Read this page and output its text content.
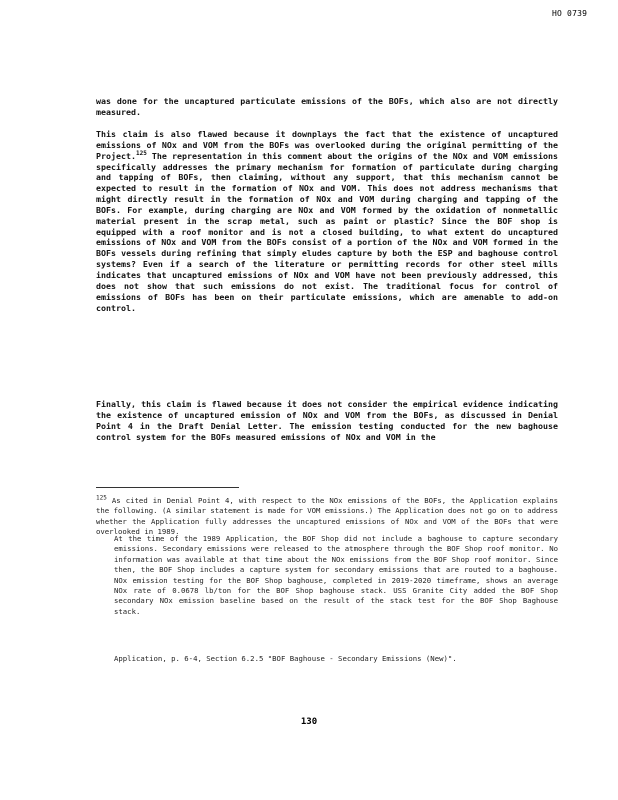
HO 0739
was done for the uncaptured particulate emissions of the BOFs, which also are not directly measured.
This claim is also flawed because it downplays the fact that the existence of uncaptured emissions of NOx and VOM from the BOFs was overlooked during the original permitting of the Project.$^{125}$ The representation in this comment about the origins of the NOx and VOM emissions specifically addresses the primary mechanism for formation of particulate during charging and tapping of BOFs, then claiming, without any support, that this mechanism cannot be expected to result in the formation of NOx and VOM. This does not address mechanisms that might directly result in the formation of NOx and VOM during charging and tapping of the BOFs. For example, during charging are NOx and VOM formed by the oxidation of nonmetallic material present in the scrap metal, such as paint or plastic? Since the BOF shop is equipped with a roof monitor and is not a closed building, to what extent do uncaptured emissions of NOx and VOM from the BOFs consist of a portion of the NOx and VOM formed in the BOFs vessels during refining that simply eludes capture by both the ESP and baghouse control systems? Even if a search of the literature or permitting records for other steel mills indicates that uncaptured emissions of NOx and VOM have not been previously addressed, this does not show that such emissions do not exist. The traditional focus for control of emissions of BOFs has been on their particulate emissions, which are amenable to add-on control.
Finally, this claim is flawed because it does not consider the empirical evidence indicating the existence of uncaptured emission of NOx and VOM from the BOFs, as discussed in Denial Point 4 in the Draft Denial Letter. The emission testing conducted for the new baghouse control system for the BOFs measured emissions of NOx and VOM in the
$^{125}$ As cited in Denial Point 4, with respect to the NOx emissions of the BOFs, the Application explains the following. (A similar statement is made for VOM emissions.) The Application does not go on to address whether the Application fully addresses the uncaptured emissions of NOx and VOM of the BOFs that were overlooked in 1989.
At the time of the 1989 Application, the BOF Shop did not include a baghouse to capture secondary emissions. Secondary emissions were released to the atmosphere through the BOF Shop roof monitor. No information was available at that time about the NOx emissions from the BOF Shop roof monitor. Since then, the BOF Shop includes a capture system for secondary emissions that are routed to a baghouse. NOx emission testing for the BOF Shop baghouse, completed in 2019-2020 timeframe, shows an average NOx rate of 0.0678 lb/ton for the BOF Shop baghouse stack. USS Granite City added the BOF Shop secondary NOx emission baseline based on the result of the stack test for the BOF Shop Baghouse stack.
Application, p. 6-4, Section 6.2.5 "BOF Baghouse - Secondary Emissions (New)".
130
